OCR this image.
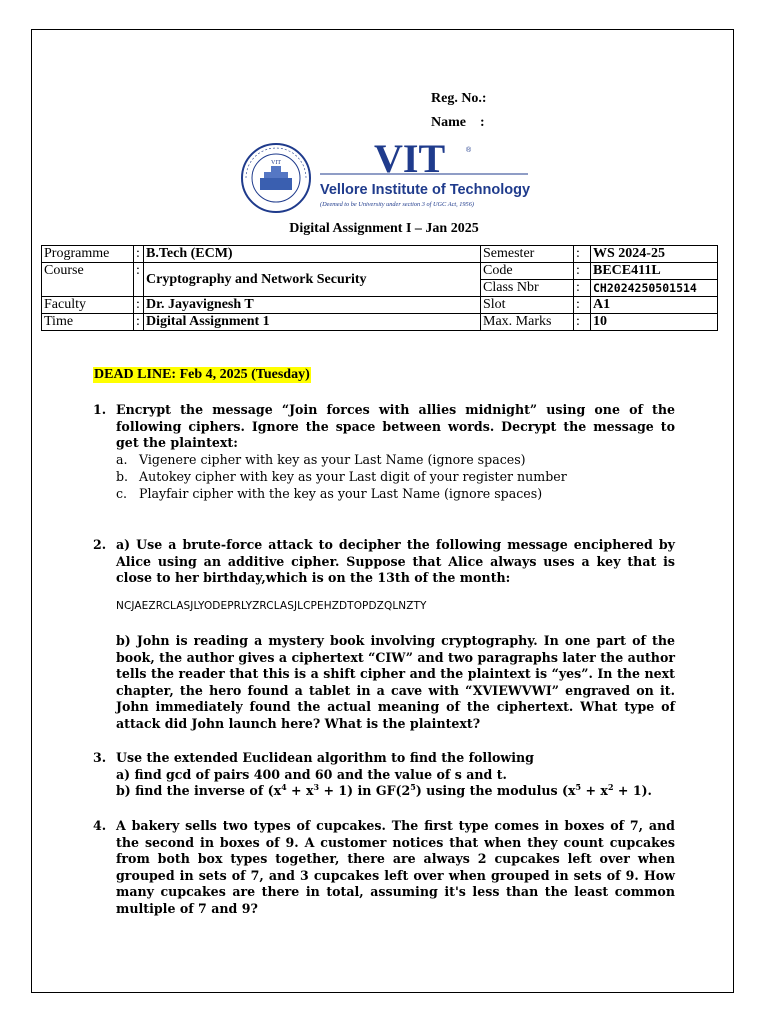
Reg. No.:
Name    :
VIT VIT	®
Vellore Institute of Technology
(Deemed to be University under section 3 of UGC Act, 1956)
Digital Assignment I – Jan 2025
Programme	:	B.Tech (ECM)	Semester	:	WS 2024-25
Course	:	Cryptography and Network Security	Code	:	BECE411L
			Class Nbr	:	CH2024250501514
Faculty	:	Dr. Jayavignesh T	Slot	:	A1
Time	:	Digital Assignment 1	Max. Marks	:	10
DEAD LINE: Feb 4, 2025 (Tuesday)
1. Encrypt the message “Join forces with allies midnight” using one of the following ciphers. Ignore the space between words. Decrypt the message to get the plaintext:
a. Vigenere cipher with key as your Last Name (ignore spaces)
b. Autokey cipher with key as your Last digit of your register number
c. Playfair cipher with the key as your Last Name (ignore spaces)
2. a) Use a brute-force attack to decipher the following message enciphered by Alice using an additive cipher. Suppose that Alice always uses a key that is close to her birthday,which is on the 13th of the month:
NCJAEZRCLASJLYODEPRLYZRCLASJLCPEHZDTOPDZQLNZTY
b) John is reading a mystery book involving cryptography. In one part of the book, the author gives a ciphertext “CIW” and two paragraphs later the author tells the reader that this is a shift cipher and the plaintext is “yes”. In the next chapter, the hero found a tablet in a cave with “XVIEWVWI” engraved on it. John immediately found the actual meaning of the ciphertext. What type of attack did John launch here? What is the plaintext?
3. Use the extended Euclidean algorithm to find the following
a) find gcd of pairs 400 and 60 and the value of s and t.
b) find the inverse of $(x^4 + x^3 + 1)$ in $GF(2^5)$ using the modulus $(x^5 + x^2 + 1)$.
4. A bakery sells two types of cupcakes. The first type comes in boxes of 7, and the second in boxes of 9. A customer notices that when they count cupcakes from both box types together, there are always 2 cupcakes left over when grouped in sets of 7, and 3 cupcakes left over when grouped in sets of 9. How many cupcakes are there in total, assuming it's less than the least common multiple of 7 and 9?
